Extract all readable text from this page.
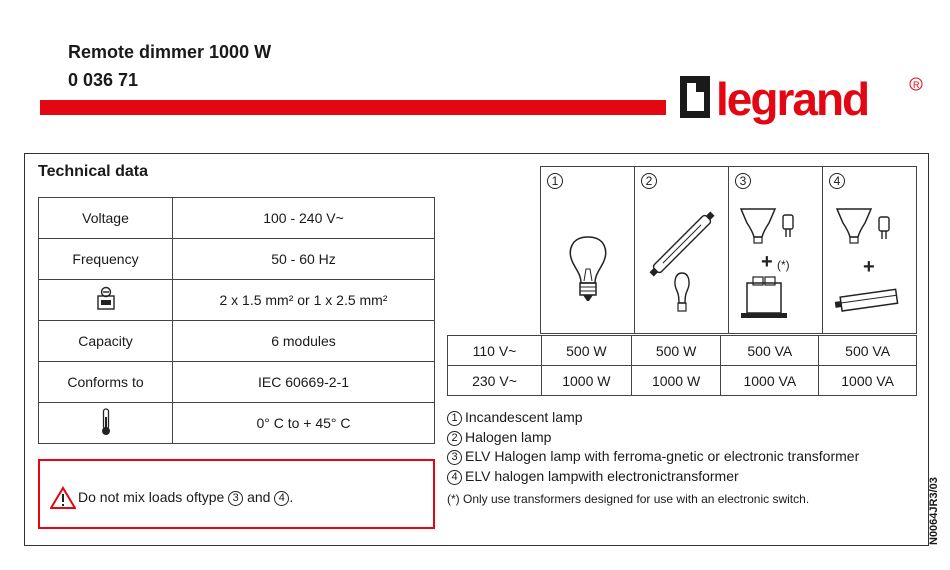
Remote dimmer 1000 W
0 036 71	legrand	R
Technical data
Voltage	100 - 240 V~
Frequency	50 - 60 Hz
	2 x 1.5 mm² or 1 x 2.5 mm²
Capacity	6 modules
Conforms to	IEC 60669-2-1
	0° C to + 45° C
Do not mix loads oftype 3 and 4 .
1	2	3
+ (*)
4
+
110 V~	500 W	500 W	500 VA	500 VA
230 V~	1000 W	1000 W	1000 VA	1000 VA
1 Incandescent lamp
2 Halogen lamp
3 ELV Halogen lamp with ferroma-gnetic or electronic transformer
4 ELV halogen lampwith electronictransformer
(*) Only use transformers designed for use with an electronic switch.	N0064JR3/03
